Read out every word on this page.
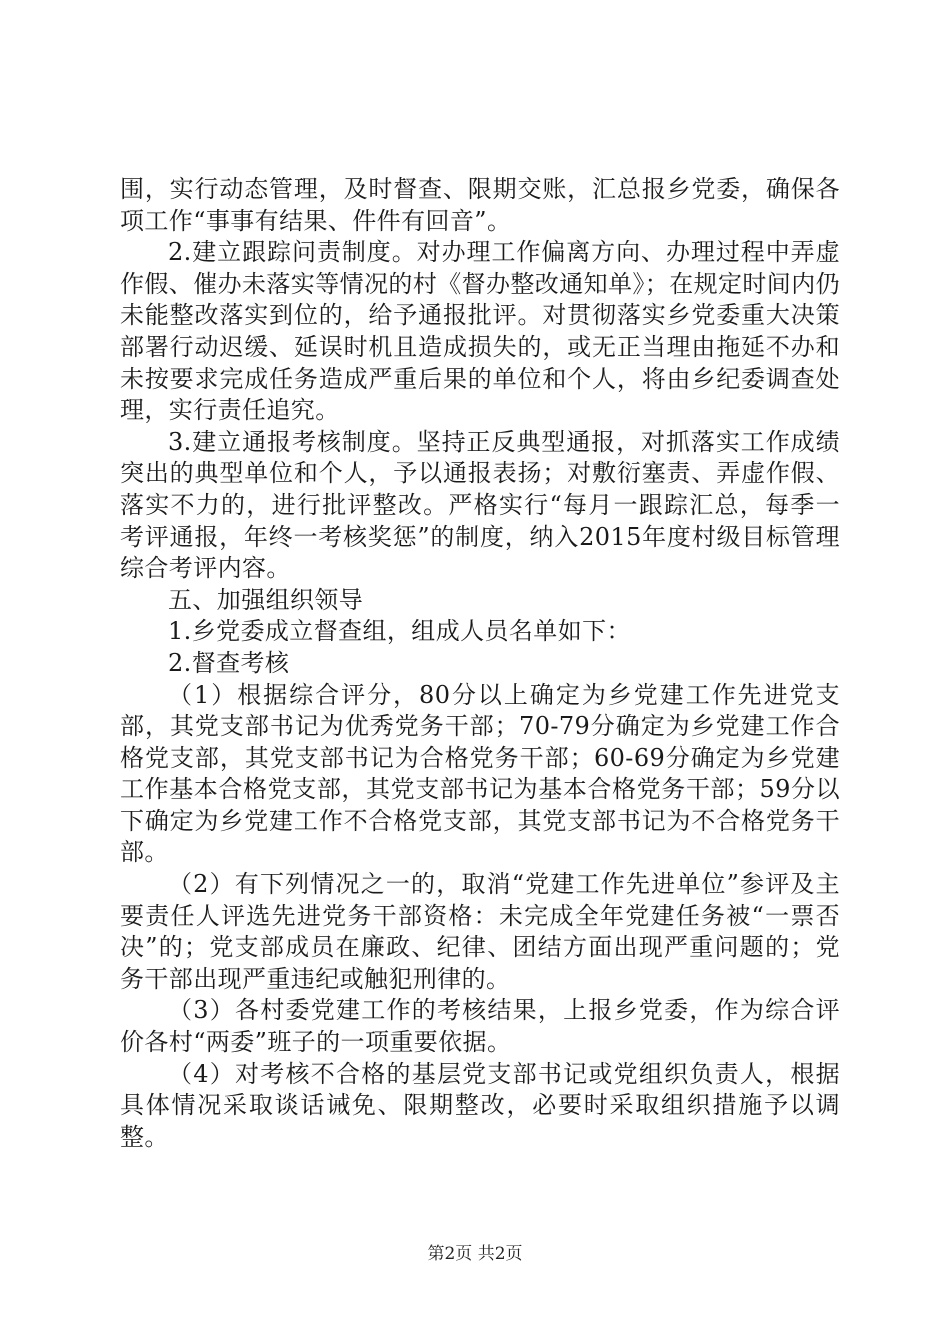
围，实行动态管理，及时督查、限期交账，汇总报乡党委，确保各项工作“事事有结果、件件有回音”。

2.建立跟踪问责制度。对办理工作偏离方向、办理过程中弄虚作假、催办未落实等情况的村《督办整改通知单》；在规定时间内仍未能整改落实到位的，给予通报批评。对贯彻落实乡党委重大决策部署行动迟缓、延误时机且造成损失的，或无正当理由拖延不办和未按要求完成任务造成严重后果的单位和个人，将由乡纪委调查处理，实行责任追究。

3.建立通报考核制度。坚持正反典型通报，对抓落实工作成绩突出的典型单位和个人，予以通报表扬；对敷衍塞责、弄虚作假、落实不力的，进行批评整改。严格实行“每月一跟踪汇总，每季一考评通报，年终一考核奖惩”的制度，纳入2015年度村级目标管理综合考评内容。

五、加强组织领导

1.乡党委成立督查组，组成人员名单如下：

2.督查考核

（1）根据综合评分，80分以上确定为乡党建工作先进党支部，其党支部书记为优秀党务干部；70-79分确定为乡党建工作合格党支部，其党支部书记为合格党务干部；60-69分确定为乡党建工作基本合格党支部，其党支部书记为基本合格党务干部；59分以下确定为乡党建工作不合格党支部，其党支部书记为不合格党务干部。

（2）有下列情况之一的，取消“党建工作先进单位”参评及主要责任人评选先进党务干部资格：未完成全年党建任务被“一票否决”的；党支部成员在廉政、纪律、团结方面出现严重问题的；党务干部出现严重违纪或触犯刑律的。

（3）各村委党建工作的考核结果，上报乡党委，作为综合评价各村“两委”班子的一项重要依据。

（4）对考核不合格的基层党支部书记或党组织负责人，根据具体情况采取谈话诫免、限期整改，必要时采取组织措施予以调整。

第2页 共2页
